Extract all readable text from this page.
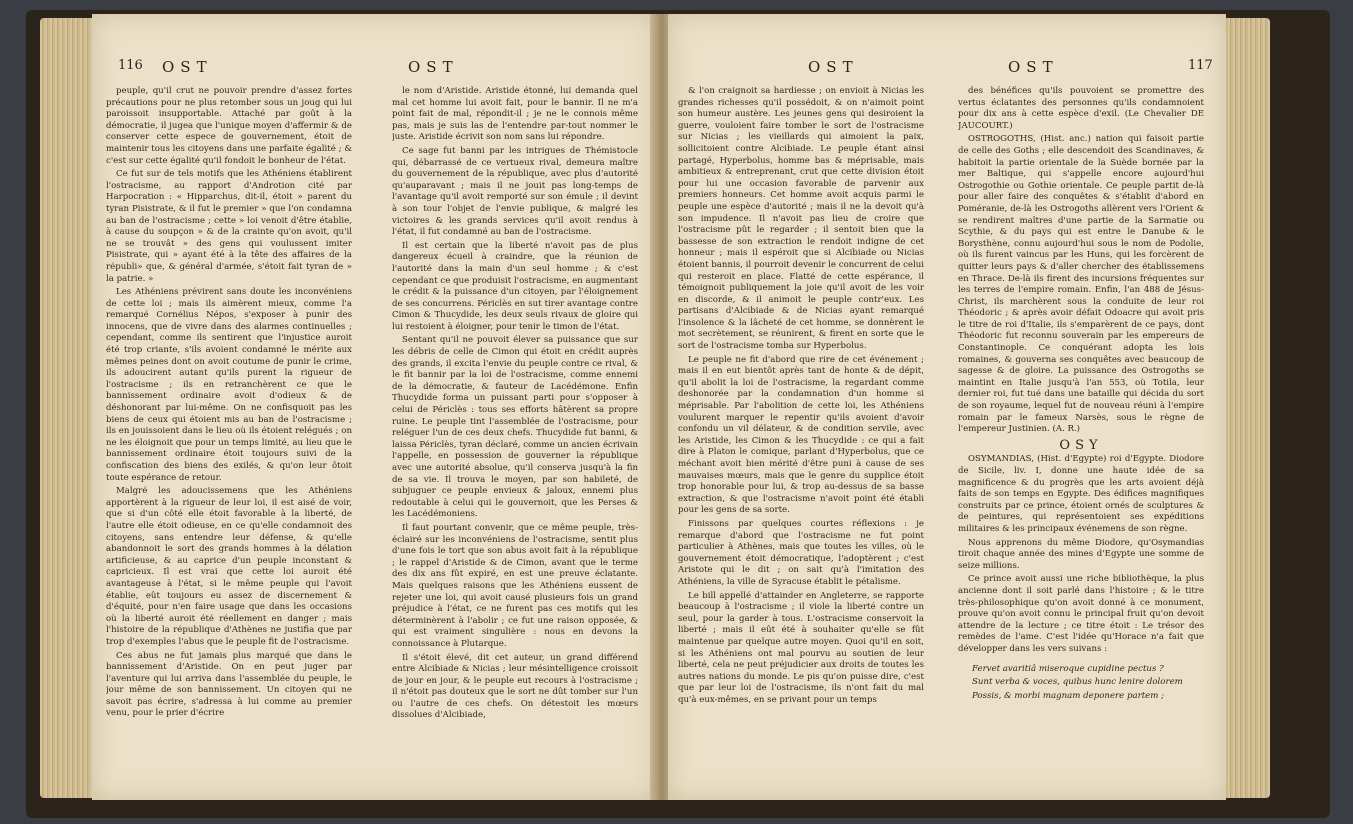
116 OST	OST

peuple, qu'il crut ne pouvoir prendre d'assez fortes précautions pour ne plus retomber sous un joug qui lui paroissoit insupportable. Attaché par goût à la démocratie, il jugea que l'unique moyen d'affermir & de conserver cette espece de gouvernement, étoit de maintenir tous les citoyens dans une parfaite égalité ; & c'est sur cette égalité qu'il fondoit le bonheur de l'état.

Ce fut sur de tels motifs que les Athéniens établirent l'ostracisme, au rapport d'Androtion cité par Harpocration : « Hipparchus, dit-il, étoit » parent du tyran Pisistrate, & il fut le premier » que l'on condamna au ban de l'ostracisme ; cette » loi venoit d'être établie, à cause du soupçon » & de la crainte qu'on avoit, qu'il ne se trouvât » des gens qui voulussent imiter Pisistrate, qui » ayant été à la tête des affaires de la républi» que, & général d'armée, s'étoit fait tyran de » la patrie. »

Les Athéniens prévirent sans doute les inconvéniens de cette loi ; mais ils aimèrent mieux, comme l'a remarqué Cornélius Népos, s'exposer à punir des innocens, que de vivre dans des alarmes continuelles ; cependant, comme ils sentirent que l'injustice auroit été trop criante, s'ils avoient condamné le mérite aux mêmes peines dont on avoit coutume de punir le crime, ils adoucirent autant qu'ils purent la rigueur de l'ostracisme ; ils en retranchèrent ce que le bannissement ordinaire avoit d'odieux & de déshonorant par lui-même. On ne confisquoit pas les biens de ceux qui étoient mis au ban de l'ostracisme ; ils en jouissoient dans le lieu où ils étoient relégués ; on ne les éloignoit que pour un temps limité, au lieu que le bannissement ordinaire étoit toujours suivi de la confiscation des biens des exilés, & qu'on leur ôtoit toute espérance de retour.

Malgré les adoucissemens que les Athéniens apportèrent à la rigueur de leur loi, il est aisé de voir, que si d'un côté elle étoit favorable à la liberté, de l'autre elle étoit odieuse, en ce qu'elle condamnoit des citoyens, sans entendre leur défense, & qu'elle abandonnoit le sort des grands hommes à la délation artificieuse, & au caprice d'un peuple inconstant & capricieux. Il est vrai que cette loi auroit été avantageuse à l'état, si le même peuple qui l'avoit établie, eût toujours eu assez de discernement & d'équité, pour n'en faire usage que dans les occasions où la liberté auroit été réellement en danger ; mais l'histoire de la république d'Athènes ne justifia que par trop d'exemples l'abus que le peuple fit de l'ostracisme.

Ces abus ne fut jamais plus marqué que dans le bannissement d'Aristide. On en peut juger par l'aventure qui lui arriva dans l'assemblée du peuple, le jour même de son bannissement. Un citoyen qui ne savoit pas écrire, s'adressa à lui comme au premier venu, pour le prier d'écrire

le nom d'Aristide. Aristide étonné, lui demanda quel mal cet homme lui avoit fait, pour le bannir. Il ne m'a point fait de mal, répondit-il ; je ne le connois même pas, mais je suis las de l'entendre par-tout nommer le juste. Aristide écrivit son nom sans lui répondre.

Ce sage fut banni par les intrigues de Thémistocle qui, débarrassé de ce vertueux rival, demeura maître du gouvernement de la république, avec plus d'autorité qu'auparavant ; mais il ne jouit pas long-temps de l'avantage qu'il avoit remporté sur son émule ; il devint à son tour l'objet de l'envie publique, & malgré les victoires & les grands services qu'il avoit rendus à l'état, il fut condamné au ban de l'ostracisme.

Il est certain que la liberté n'avoit pas de plus dangereux écueil à craindre, que la réunion de l'autorité dans la main d'un seul homme ; & c'est cependant ce que produisit l'ostracisme, en augmentant le crédit & la puissance d'un citoyen, par l'éloignement de ses concurrens. Périclès en sut tirer avantage contre Cimon & Thucydide, les deux seuls rivaux de gloire qui lui restoient à éloigner, pour tenir le timon de l'état.

Sentant qu'il ne pouvoit élever sa puissance que sur les débris de celle de Cimon qui étoit en crédit auprès des grands, il excita l'envie du peuple contre ce rival, & le fit bannir par la loi de l'ostracisme, comme ennemi de la démocratie, & fauteur de Lacédémone. Enfin Thucydide forma un puissant parti pour s'opposer à celui de Périclès : tous ses efforts hâtèrent sa propre ruine. Le peuple tint l'assemblée de l'ostracisme, pour reléguer l'un de ces deux chefs. Thucydide fut banni, & laissa Périclès, tyran déclaré, comme un ancien écrivain l'appelle, en possession de gouverner la république avec une autorité absolue, qu'il conserva jusqu'à la fin de sa vie. Il trouva le moyen, par son habileté, de subjuguer ce peuple envieux & jaloux, ennemi plus redoutable à celui qui le gouvernoit, que les Perses & les Lacédémoniens.

Il faut pourtant convenir, que ce même peuple, très-éclairé sur les inconvéniens de l'ostracisme, sentit plus d'une fois le tort que son abus avoit fait à la république ; le rappel d'Aristide & de Cimon, avant que le terme des dix ans fût expiré, en est une preuve éclatante. Mais quelques raisons que les Athéniens eussent de rejeter une loi, qui avoit causé plusieurs fois un grand préjudice à l'état, ce ne furent pas ces motifs qui les déterminèrent à l'abolir ; ce fut une raison opposée, & qui est vraiment singulière : nous en devons la connoissance à Plutarque.

Il s'étoit élevé, dit cet auteur, un grand différend entre Alcibiade & Nicias ; leur mésintelligence croissoit de jour en jour, & le peuple eut recours à l'ostracisme ; il n'étoit pas douteux que le sort ne dût tomber sur l'un ou l'autre de ces chefs. On détestoit les mœurs dissolues d'Alcibiade,

OST	OST	117

& l'on craignoit sa hardiesse ; on envioit à Nicias les grandes richesses qu'il possédoit, & on n'aimoit point son humeur austère. Les jeunes gens qui desiroient la guerre, vouloient faire tomber le sort de l'ostracisme sur Nicias ; les vieillards qui aimoient la paix, sollicitoient contre Alcibiade. Le peuple étant ainsi partagé, Hyperbolus, homme bas & méprisable, mais ambitieux & entreprenant, crut que cette division étoit pour lui une occasion favorable de parvenir aux premiers honneurs. Cet homme avoit acquis parmi le peuple une espèce d'autorité ; mais il ne la devoit qu'à son impudence. Il n'avoit pas lieu de croire que l'ostracisme pût le regarder ; il sentoit bien que la bassesse de son extraction le rendoit indigne de cet honneur ; mais il espéroit que si Alcibiade ou Nicias étoient bannis, il pourroit devenir le concurrent de celui qui resteroit en place. Flatté de cette espérance, il témoignoit publiquement la joie qu'il avoit de les voir en discorde, & il animoit le peuple contr'eux. Les partisans d'Alcibiade & de Nicias ayant remarqué l'insolence & la lâcheté de cet homme, se donnèrent le mot secrètement, se réunirent, & firent en sorte que le sort de l'ostracisme tomba sur Hyperbolus.

Le peuple ne fit d'abord que rire de cet événement ; mais il en eut bientôt après tant de honte & de dépit, qu'il abolit la loi de l'ostracisme, la regardant comme deshonorée par la condamnation d'un homme si méprisable. Par l'abolition de cette loi, les Athéniens voulurent marquer le repentir qu'ils avoient d'avoir confondu un vil délateur, & de condition servile, avec les Aristide, les Cimon & les Thucydide : ce qui a fait dire à Platon le comique, parlant d'Hyperbolus, que ce méchant avoit bien mérité d'être puni à cause de ses mauvaises mœurs, mais que le genre du supplice étoit trop honorable pour lui, & trop au-dessus de sa basse extraction, & que l'ostracisme n'avoit point été établi pour les gens de sa sorte.

Finissons par quelques courtes réflexions : je remarque d'abord que l'ostracisme ne fut point particulier à Athènes, mais que toutes les villes, où le gouvernement étoit démocratique, l'adoptèrent ; c'est Aristote qui le dit ; on sait qu'à l'imitation des Athéniens, la ville de Syracuse établit le pétalisme.

Le bill appellé d'attainder en Angleterre, se rapporte beaucoup à l'ostracisme ; il viole la liberté contre un seul, pour la garder à tous. L'ostracisme conservoit la liberté ; mais il eût été à souhaiter qu'elle se fût maintenue par quelque autre moyen. Quoi qu'il en soit, si les Athéniens ont mal pourvu au soutien de leur liberté, cela ne peut préjudicier aux droits de toutes les autres nations du monde. Le pis qu'on puisse dire, c'est que par leur loi de l'ostracisme, ils n'ont fait du mal qu'à eux-mêmes, en se privant pour un temps

des bénéfices qu'ils pouvoient se promettre des vertus éclatantes des personnes qu'ils condamnoient pour dix ans à cette espèce d'exil. (Le Chevalier DE JAUCOURT.)

OSTROGOTHS, (Hist. anc.) nation qui faisoit partie de celle des Goths ; elle descendoit des Scandinaves, & habitoit la partie orientale de la Suède bornée par la mer Baltique, qui s'appelle encore aujourd'hui Ostrogothie ou Gothie orientale. Ce peuple partit de-là pour aller faire des conquêtes & s'établit d'abord en Poméranie, de-là les Ostrogoths allèrent vers l'Orient & se rendirent maîtres d'une partie de la Sarmatie ou Scythie, & du pays qui est entre le Danube & le Borysthène, connu aujourd'hui sous le nom de Podolie, où ils furent vaincus par les Huns, qui les forcèrent de quitter leurs pays & d'aller chercher des établissemens en Thrace. De-là ils firent des incursions fréquentes sur les terres de l'empire romain. Enfin, l'an 488 de Jésus-Christ, ils marchèrent sous la conduite de leur roi Théodoric ; & après avoir défait Odoacre qui avoit pris le titre de roi d'Italie, ils s'emparèrent de ce pays, dont Théodoric fut reconnu souverain par les empereurs de Constantinople. Ce conquérant adopta les lois romaines, & gouverna ses conquêtes avec beaucoup de sagesse & de gloire. La puissance des Ostrogoths se maintint en Italie jusqu'à l'an 553, où Totila, leur dernier roi, fut tué dans une bataille qui décida du sort de son royaume, lequel fut de nouveau réuni à l'empire romain par le fameux Narsès, sous le règne de l'empereur Justinien. (A. R.)

OSY

OSYMANDIAS, (Hist. d'Egypte) roi d'Egypte. Diodore de Sicile, liv. I, donne une haute idée de sa magnificence & du progrès que les arts avoient déjà faits de son temps en Egypte. Des édifices magnifiques construits par ce prince, étoient ornés de sculptures & de peintures, qui représentoient ses expéditions militaires & les principaux événemens de son règne.

Nous apprenons du même Diodore, qu'Osymandias tiroit chaque année des mines d'Egypte une somme de seize millions.

Ce prince avoit aussi une riche bibliothèque, la plus ancienne dont il soit parlé dans l'histoire ; & le titre très-philosophique qu'on avoit donné à ce monument, prouve qu'on avoit connu le principal fruit qu'on devoit attendre de la lecture ; ce titre étoit : Le trésor des remèdes de l'ame. C'est l'idée qu'Horace n'a fait que développer dans les vers suivans :

Fervet avaritiâ miseroque cupidine pectus ?
Sunt verba & voces, quibus hunc lenire dolorem
Possis, & morbi magnam deponere partem ;
